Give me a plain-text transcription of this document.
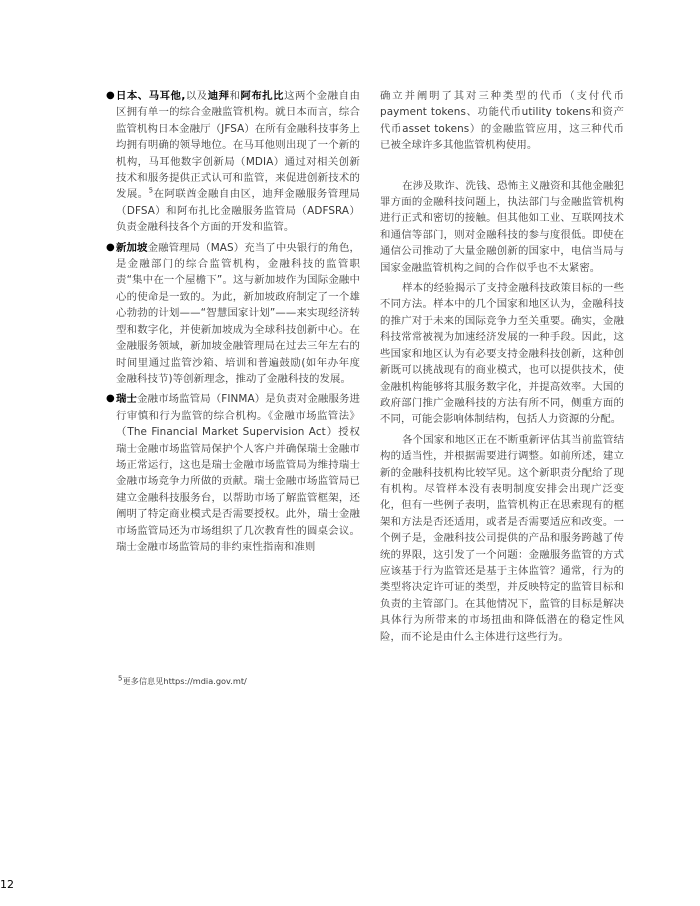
● 日本、马耳他,以及迪拜和阿布扎比这两个金融自由区拥有单一的综合金融监管机构。就日本而言，综合监管机构日本金融厅（JFSA）在所有金融科技事务上均拥有明确的领导地位。在马耳他则出现了一个新的机构，马耳他数字创新局（MDIA）通过对相关创新技术和服务提供正式认可和监管，来促进创新技术的发展。$^5$在阿联酋金融自由区，迪拜金融服务管理局（DFSA）和阿布扎比金融服务监管局（ADFSRA）负责金融科技各个方面的开发和监管。
● 新加坡金融管理局（MAS）充当了中央银行的角色，是金融部门的综合监管机构，金融科技的监管职责“集中在一个屋檐下”。这与新加坡作为国际金融中心的使命是一致的。为此，新加坡政府制定了一个雄心勃勃的计划——“智慧国家计划”——来实现经济转型和数字化，并使新加坡成为全球科技创新中心。在金融服务领域，新加坡金融管理局在过去三年左右的时间里通过监管沙箱、培训和普遍鼓励(如年办年度金融科技节)等创新理念，推动了金融科技的发展。
● 瑞士金融市场监管局（FINMA）是负责对金融服务进行审慎和行为监管的综合机构。《金融市场监管法》（The Financial Market Supervision Act）授权瑞士金融市场监管局保护个人客户并确保瑞士金融市场正常运行，这也是瑞士金融市场监管局为维持瑞士金融市场竞争力所做的贡献。瑞士金融市场监管局已建立金融科技服务台，以帮助市场了解监管框架，还阐明了特定商业模式是否需要授权。此外，瑞士金融市场监管局还为市场组织了几次教育性的圆桌会议。瑞士金融市场监管局的非约束性指南和准则

确立并阐明了其对三种类型的代币（支付代币payment tokens、功能代币utility tokens和资产代币asset tokens）的金融监管应用，这三种代币已被全球许多其他监管机构使用。

在涉及欺诈、洗钱、恐怖主义融资和其他金融犯罪方面的金融科技问题上，执法部门与金融监管机构进行正式和密切的接触。但其他如工业、互联网技术和通信等部门，则对金融科技的参与度很低。即使在通信公司推动了大量金融创新的国家中，电信当局与国家金融监管机构之间的合作似乎也不太紧密。

样本的经验揭示了支持金融科技政策目标的一些不同方法。样本中的几个国家和地区认为，金融科技的推广对于未来的国际竞争力至关重要。确实，金融科技常常被视为加速经济发展的一种手段。因此，这些国家和地区认为有必要支持金融科技创新，这种创新既可以挑战现有的商业模式，也可以提供技术，使金融机构能够将其服务数字化，并提高效率。大国的政府部门推广金融科技的方法有所不同，侧重方面的不同，可能会影响体制结构，包括人力资源的分配。

各个国家和地区正在不断重新评估其当前监管结构的适当性，并根据需要进行调整。如前所述，建立新的金融科技机构比较罕见。这个新职责分配给了现有机构。尽管样本没有表明制度安排会出现广泛变化，但有一些例子表明，监管机构正在思索现有的框架和方法是否还适用，或者是否需要适应和改变。一个例子是，金融科技公司提供的产品和服务跨越了传统的界限，这引发了一个问题：金融服务监管的方式应该基于行为监管还是基于主体监管？通常，行为的类型将决定许可证的类型，并反映特定的监管目标和负责的主管部门。在其他情况下，监管的目标是解决具体行为所带来的市场扭曲和降低潜在的稳定性风险，而不论是由什么主体进行这些行为。

5更多信息见https://mdia.gov.mt/
12
